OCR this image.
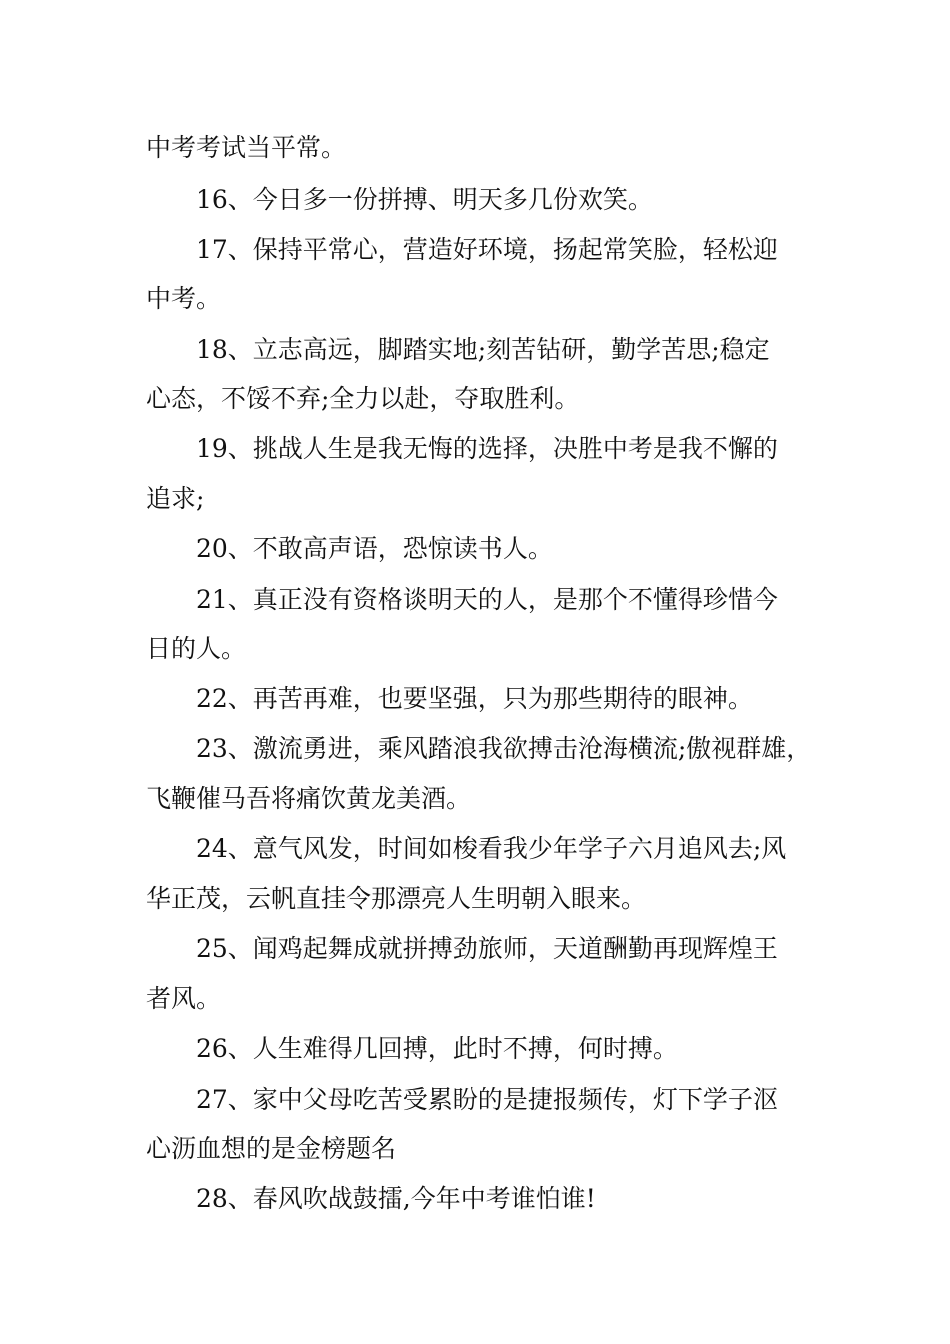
中考考试当平常。
16、今日多一份拼搏、明天多几份欢笑。
17、保持平常心，营造好环境，扬起常笑脸，轻松迎
中考。
18、立志高远，脚踏实地;刻苦钻研，勤学苦思;稳定
心态，不馁不弃;全力以赴，夺取胜利。
19、挑战人生是我无悔的选择，决胜中考是我不懈的
追求;
20、不敢高声语，恐惊读书人。
21、真正没有资格谈明天的人，是那个不懂得珍惜今
日的人。
22、再苦再难，也要坚强，只为那些期待的眼神。
23、激流勇进，乘风踏浪我欲搏击沧海横流;傲视群雄，
飞鞭催马吾将痛饮黄龙美酒。
24、意气风发，时间如梭看我少年学子六月追风去;风
华正茂，云帆直挂令那漂亮人生明朝入眼来。
25、闻鸡起舞成就拼搏劲旅师，天道酬勤再现辉煌王
者风。
26、人生难得几回搏，此时不搏，何时搏。
27、家中父母吃苦受累盼的是捷报频传，灯下学子沤
心沥血想的是金榜题名
28、春风吹战鼓擂,今年中考谁怕谁!
